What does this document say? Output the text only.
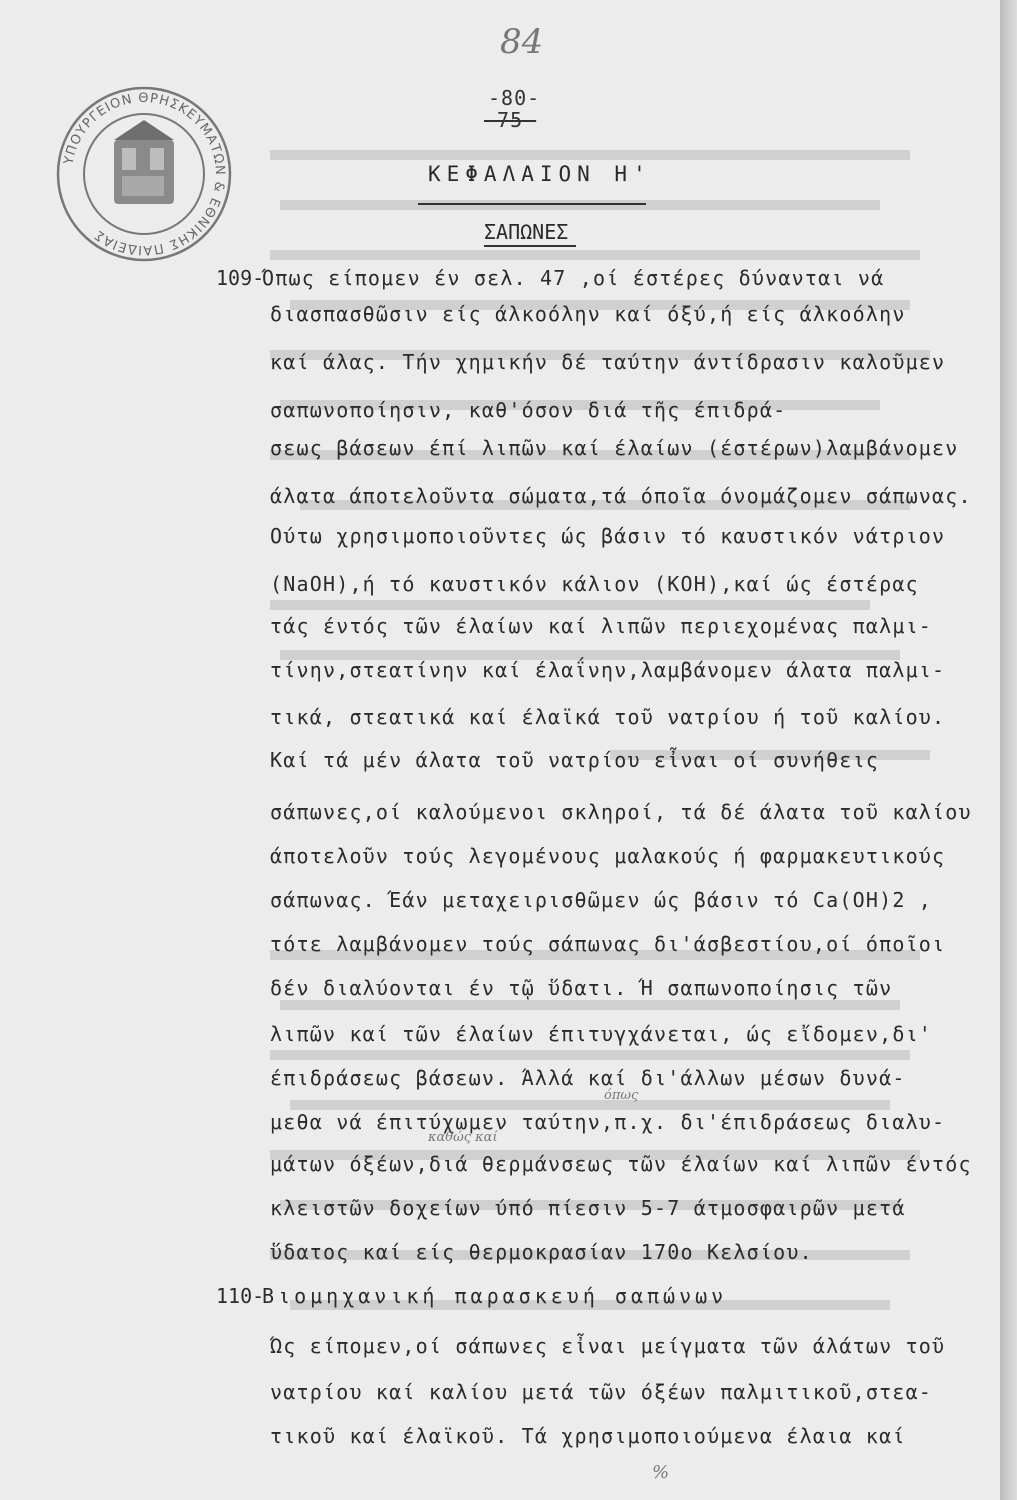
ΥΠΟΥΡΓΕΙΟΝ ΘΡΗΣΚΕΥΜΑΤΩΝ & ΕΘΝΙΚΗΣ ΠΑΙΔΕΙΑΣ
84
-80-
-75-
ΚΕΦΑΛΑΙΟΝ Η'
ΣΑΠΩΝΕΣ
109-
Όπως είπομεν έν σελ. 47 ,οί έστέρες δύνανται νά
διασπασθῶσιν είς άλκοόλην καί όξύ,ή είς άλκοόλην
καί άλας. Τήν χημικήν δέ ταύτην άντίδρασιν καλοῦμεν
σαπωνοποίησιν, καθ'όσον διά τῆς έπιδρά-
σεως βάσεων έπί λιπῶν καί έλαίων (έστέρων)λαμβάνομεν
άλατα άποτελοῦντα σώματα,τά όποῖα όνομάζομεν σάπωνας.
Ούτω χρησιμοποιοῦντες ώς βάσιν τό καυστικόν νάτριον
(NaOH),ή τό καυστικόν κάλιον (KOH),καί ώς έστέρας
τάς έντός τῶν έλαίων καί λιπῶν περιεχομένας παλμι-
τίνην,στεατίνην καί έλαΐνην,λαμβάνομεν άλατα παλμι-
τικά, στεατικά καί έλαϊκά τοῦ νατρίου ή τοῦ καλίου.
Καί τά μέν άλατα τοῦ νατρίου εἶναι οί συνήθεις
σάπωνες,οί καλούμενοι σκληροί, τά δέ άλατα τοῦ καλίου
άποτελοῦν τούς λεγομένους μαλακούς ή φαρμακευτικούς
σάπωνας. Έάν μεταχειρισθῶμεν ώς βάσιν τό Ca(OH)2 ,
τότε λαμβάνομεν τούς σάπωνας δι'άσβεστίου,οί όποῖοι
δέν διαλύονται έν τῷ ὕδατι. Ή σαπωνοποίησις τῶν
λιπῶν καί τῶν έλαίων έπιτυγχάνεται, ώς εἴδομεν,δι'
έπιδράσεως βάσεων. Άλλά καί δι'άλλων μέσων δυνά-
μεθα νά έπιτύχωμεν ταύτην,π.χ. δι'έπιδράσεως διαλυ-
μάτων όξέων,διά θερμάνσεως τῶν έλαίων καί λιπῶν έντός
κλειστῶν δοχείων ύπό πίεσιν 5-7 άτμοσφαιρῶν μετά
ὕδατος καί είς θερμοκρασίαν 170ο Κελσίου.
όπως
καθώς καί
110-
Βιομηχανική παρασκευή σαπώνων
Ώς είπομεν,οί σάπωνες εἶναι μείγματα τῶν άλάτων τοῦ
νατρίου καί καλίου μετά τῶν όξέων παλμιτικοῦ,στεα-
τικοῦ καί έλαϊκοῦ. Τά χρησιμοποιούμενα έλαια καί
%
